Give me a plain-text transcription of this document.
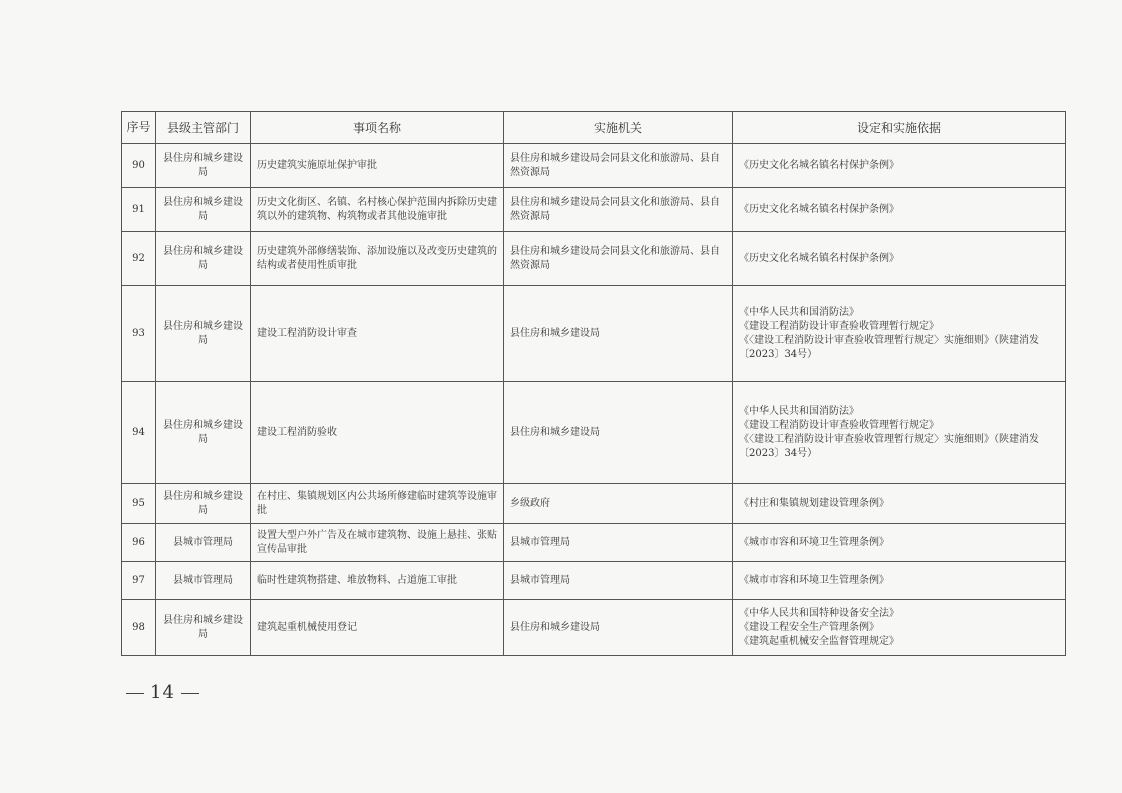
序号	县级主管部门	事项名称	实施机关	设定和实施依据
90	县住房和城乡建设局	历史建筑实施原址保护审批	县住房和城乡建设局会同县文化和旅游局、县自然资源局	《历史文化名城名镇名村保护条例》

91	县住房和城乡建设局	历史文化街区、名镇、名村核心保护范围内拆除历史建筑以外的建筑物、构筑物或者其他设施审批	县住房和城乡建设局会同县文化和旅游局、县自然资源局	《历史文化名城名镇名村保护条例》

92	县住房和城乡建设局	历史建筑外部修缮装饰、添加设施以及改变历史建筑的结构或者使用性质审批	县住房和城乡建设局会同县文化和旅游局、县自然资源局	《历史文化名城名镇名村保护条例》

93	县住房和城乡建设局	建设工程消防设计审查	县住房和城乡建设局	《中华人民共和国消防法》
《建设工程消防设计审查验收管理暂行规定》
《〈建设工程消防设计审查验收管理暂行规定〉实施细则》（陕建消发〔2023〕34号）

94	县住房和城乡建设局	建设工程消防验收	县住房和城乡建设局	《中华人民共和国消防法》
《建设工程消防设计审查验收管理暂行规定》
《〈建设工程消防设计审查验收管理暂行规定〉实施细则》（陕建消发〔2023〕34号）

95	县住房和城乡建设局	在村庄、集镇规划区内公共场所修建临时建筑等设施审批	乡级政府	《村庄和集镇规划建设管理条例》

96	县城市管理局	设置大型户外广告及在城市建筑物、设施上悬挂、张贴宣传品审批	县城市管理局	《城市市容和环境卫生管理条例》

97	县城市管理局	临时性建筑物搭建、堆放物料、占道施工审批	县城市管理局	《城市市容和环境卫生管理条例》

98	县住房和城乡建设局	建筑起重机械使用登记	县住房和城乡建设局	《中华人民共和国特种设备安全法》
《建设工程安全生产管理条例》
《建筑起重机械安全监督管理规定》
14
